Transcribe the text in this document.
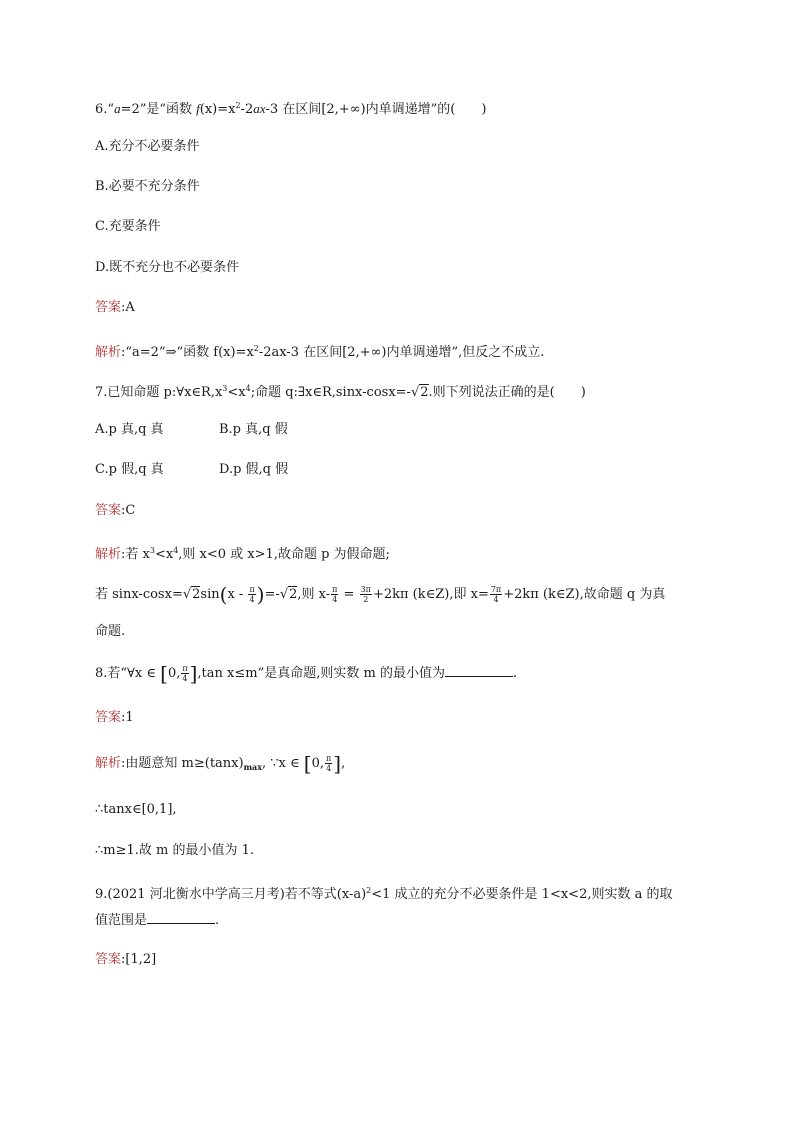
6.“a=2”是“函数 $f(x)=x^2-2ax-3$ 在区间[2,+∞)内单调递增”的(　　)
A.充分不必要条件
B.必要不充分条件
C.充要条件
D.既不充分也不必要条件
答案:A
解析:“a=2”⇒“函数 $f(x)=x^2-2ax-3$ 在区间[2,+∞)内单调递增”,但反之不成立.
7.已知命题 $p:\forall x\in R,x^3<x^4$;命题 q:∃x∈R,sinx-cosx=-√2.则下列说法正确的是(　　)
A.p 真,q 真	B.p 真,q 假
C.p 假,q 真	D.p 假,q 假
答案:C
解析:若 $x^3<x^4$,则 x<0 或 x>1,故命题 p 为假命题;
若 $\sin x-\cos x=√2\sin(x - \frac{\pi}{4} )=-√2$,则 $x- \frac{\pi}{4} = \frac{3\pi}{2} +2k\pi$ (k∈Z),即 $x= \frac{7\pi}{4} +2k\pi$ (k∈Z),故命题 q 为真
命题.
8.若“∀x ∈ [0, $\frac{\pi}{4} ],\tan$ x≤m”是真命题,则实数 m 的最小值为	.
答案:1
解析:由题意知 $m\ge(\tan x)_{max}$, ∵x ∈ [0, $\frac{\pi}{4}$ ],
∴tanx∈[0,1],
∴m≥1.故 m 的最小值为 1.
9.(2021 河北衡水中学高三月考)若不等式$(x-a)^2<1$ 成立的充分不必要条件是 1<x<2,则实数 a 的取
值范围是	.
答案:[1,2]
